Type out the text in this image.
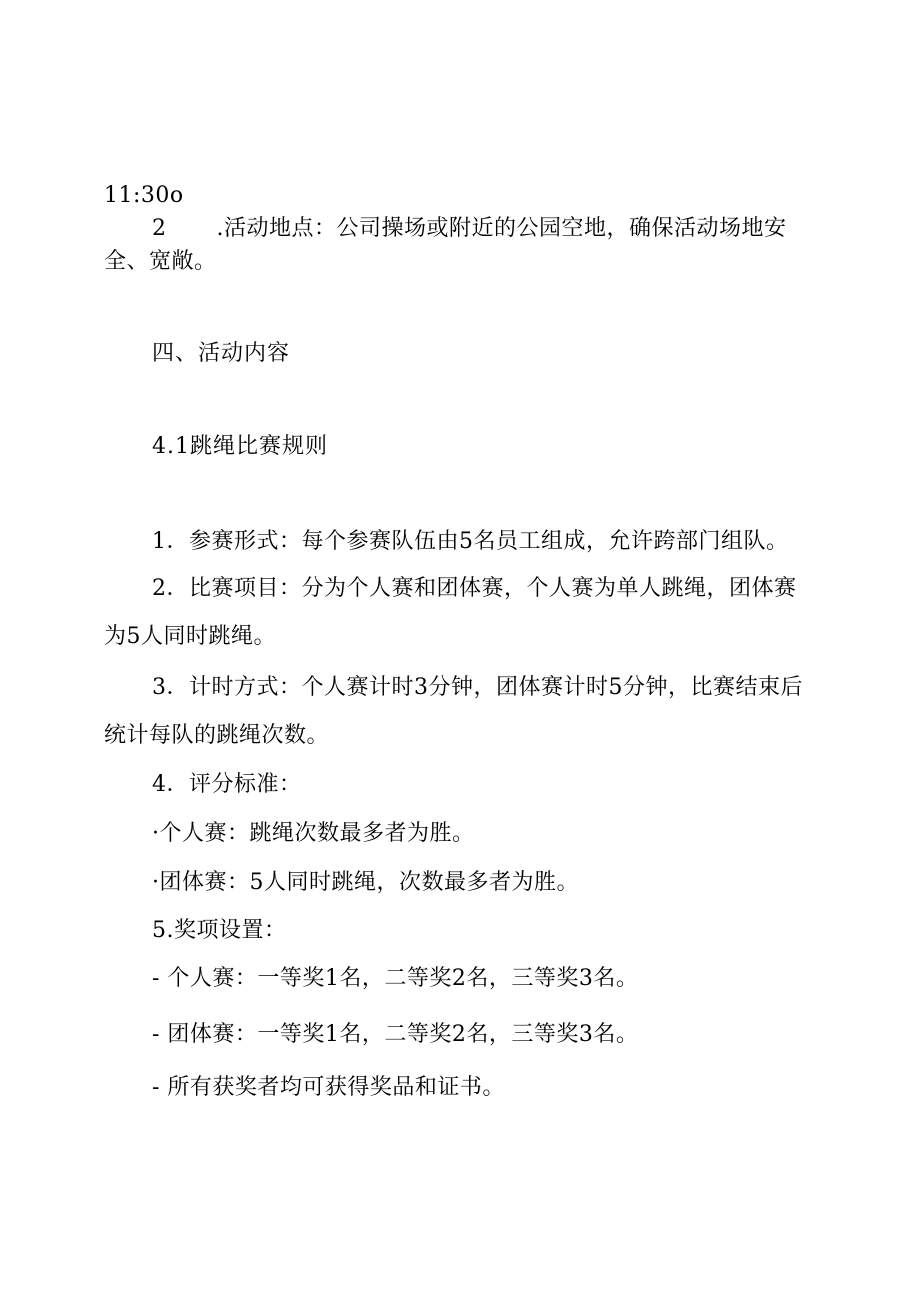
11:30o
2 .活动地点：公司操场或附近的公园空地，确保活动场地安
全、宽敞。
四、活动内容
4.1跳绳比赛规则
1．参赛形式：每个参赛队伍由5名员工组成，允许跨部门组队。
2．比赛项目：分为个人赛和团体赛，个人赛为单人跳绳，团体赛
为5人同时跳绳。
3．计时方式：个人赛计时3分钟，团体赛计时5分钟，比赛结束后
统计每队的跳绳次数。
4．评分标准：
·个人赛：跳绳次数最多者为胜。
·团体赛：5人同时跳绳，次数最多者为胜。
5.奖项设置：
- 个人赛：一等奖1名，二等奖2名，三等奖3名。
- 团体赛：一等奖1名，二等奖2名，三等奖3名。
- 所有获奖者均可获得奖品和证书。
